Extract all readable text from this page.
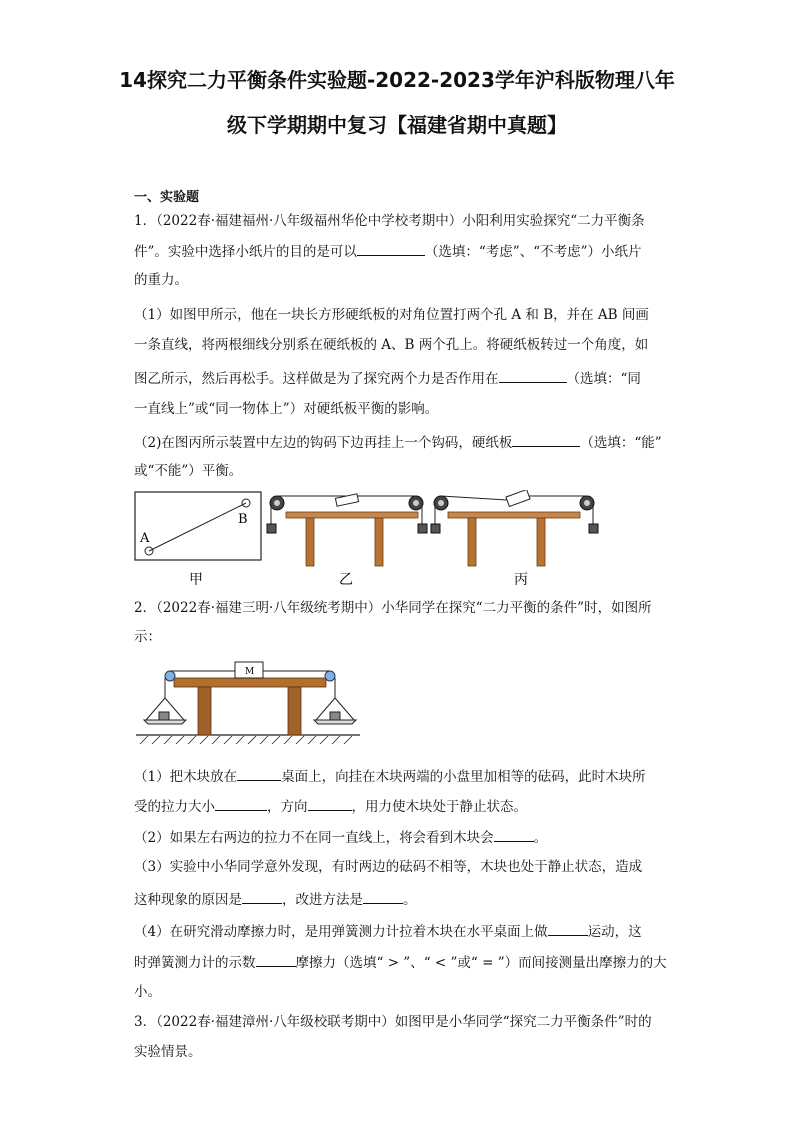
14探究二力平衡条件实验题-2022-2023学年沪科版物理八年
级下学期期中复习【福建省期中真题】
一、实验题
1．（2022春·福建福州·八年级福州华伦中学校考期中）小阳利用实验探究“二力平衡条
件”。实验中选择小纸片的目的是可以	（选填：“考虑”、“不考虑”）小纸片
的重力。
（1）如图甲所示，他在一块长方形硬纸板的对角位置打两个孔 A 和 B，并在 AB 间画
一条直线，将两根细线分别系在硬纸板的 A、B 两个孔上。将硬纸板转过一个角度，如
图乙所示，然后再松手。这样做是为了探究两个力是否作用在	（选填：“同
一直线上”或“同一物体上”）对硬纸板平衡的影响。
（2)在图丙所示装置中左边的钩码下边再挂上一个钩码，硬纸板	（选填：“能”
或“不能”）平衡。
A
B
甲	乙	丙
2．（2022春·福建三明·八年级统考期中）小华同学在探究“二力平衡的条件”时，如图所
示：
M
（1）把木块放在	桌面上，向挂在木块两端的小盘里加相等的砝码，此时木块所
受的拉力大小	，方向	，用力使木块处于静止状态。
（2）如果左右两边的拉力不在同一直线上，将会看到木块会	。
（3）实验中小华同学意外发现，有时两边的砝码不相等，木块也处于静止状态，造成
这种现象的原因是	，改进方法是	。
（4）在研究滑动摩擦力时，是用弹簧测力计拉着木块在水平桌面上做	运动，这
时弹簧测力计的示数	摩擦力（选填“ > ”、“ < ”或“ = ”）而间接测量出摩擦力的大
小。
3．（2022春·福建漳州·八年级校联考期中）如图甲是小华同学“探究二力平衡条件”时的
实验情景。
